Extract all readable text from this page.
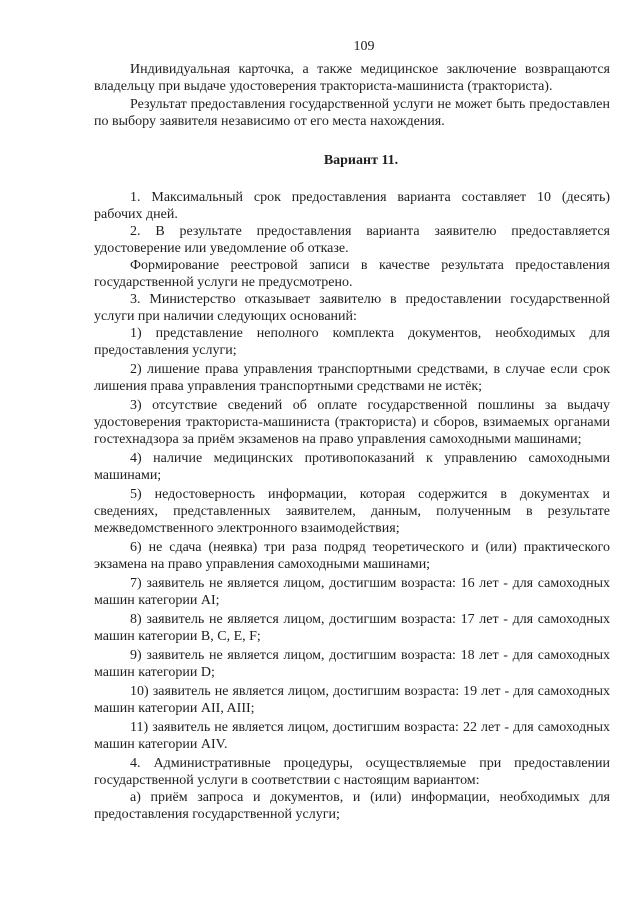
109

Индивидуальная карточка, а также медицинское заключение возвращаются владельцу при выдаче удостоверения тракториста-машиниста (тракториста).

Результат предоставления государственной услуги не может быть предоставлен по выбору заявителя независимо от его места нахождения.

Вариант 11.

1. Максимальный срок предоставления варианта составляет 10 (десять) рабочих дней.

2. В результате предоставления варианта заявителю предоставляется удостоверение или уведомление об отказе.

Формирование реестровой записи в качестве результата предоставления государственной услуги не предусмотрено.

3. Министерство отказывает заявителю в предоставлении государственной услуги при наличии следующих оснований:

1) представление неполного комплекта документов, необходимых для предоставления услуги;

2) лишение права управления транспортными средствами, в случае если срок лишения права управления транспортными средствами не истёк;

3) отсутствие сведений об оплате государственной пошлины за выдачу удостоверения тракториста-машиниста (тракториста) и сборов, взимаемых органами гостехнадзора за приём экзаменов на право управления самоходными машинами;

4) наличие медицинских противопоказаний к управлению самоходными машинами;

5) недостоверность информации, которая содержится в документах и сведениях, представленных заявителем, данным, полученным в результате межведомственного электронного взаимодействия;

6) не сдача (неявка) три раза подряд теоретического и (или) практического экзамена на право управления самоходными машинами;

7) заявитель не является лицом, достигшим возраста: 16 лет - для самоходных машин категории AI;

8) заявитель не является лицом, достигшим возраста: 17 лет - для самоходных машин категории B, C, E, F;

9) заявитель не является лицом, достигшим возраста: 18 лет - для самоходных машин категории D;

10) заявитель не является лицом, достигшим возраста: 19 лет - для самоходных машин категории AII, AIII;

11) заявитель не является лицом, достигшим возраста: 22 лет - для самоходных машин категории AIV.

4. Административные процедуры, осуществляемые при предоставлении государственной услуги в соответствии с настоящим вариантом:

а) приём запроса и документов, и (или) информации, необходимых для предоставления государственной услуги;
